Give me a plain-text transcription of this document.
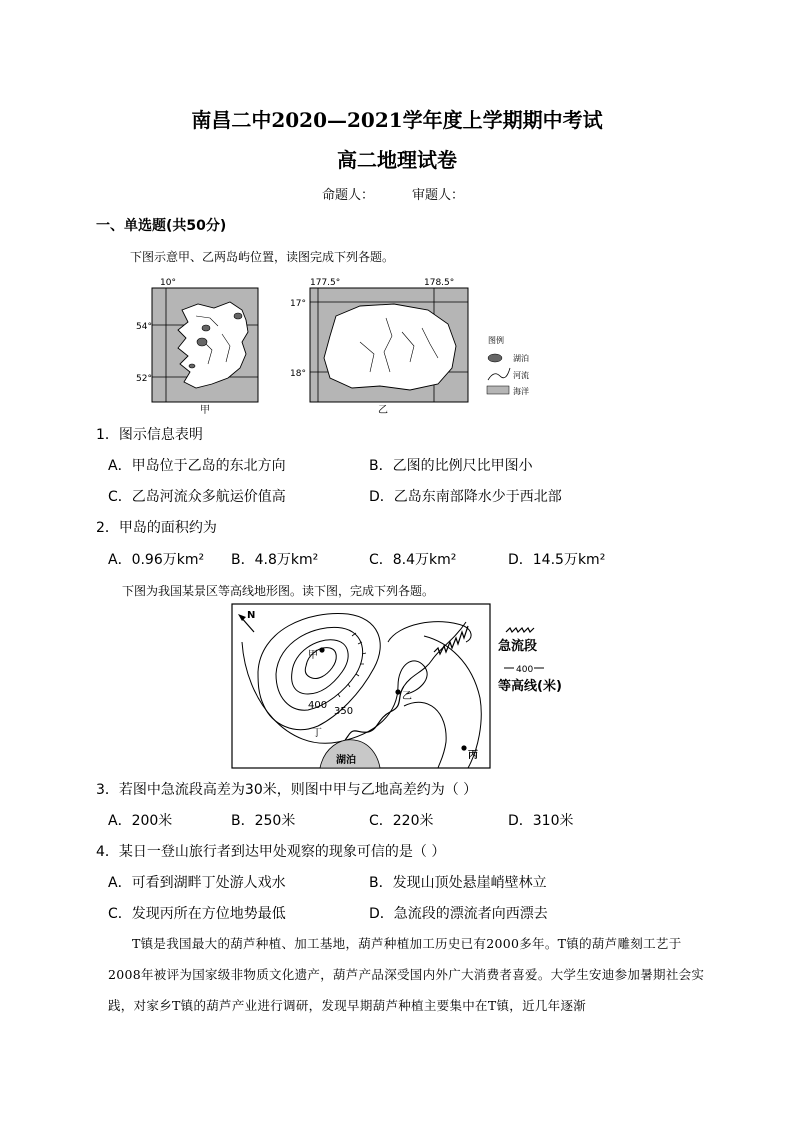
南昌二中2020—2021学年度上学期期中考试
高二地理试卷
命题人：	审题人：
一、单选题(共50分)
下图示意甲、乙两岛屿位置，读图完成下列各题。
10°
54°
52°
甲
177.5°	178.5°
17°
18°
乙
图例
湖泊
河流
海洋
1．图示信息表明
A．甲岛位于乙岛的东北方向	B．乙图的比例尺比甲图小
C．乙岛河流众多航运价值高	D．乙岛东南部降水少于西北部
2．甲岛的面积约为
A．0.96万km² B．4.8万km²	C．8.4万km²	D．14.5万km²
下图为我国某景区等高线地形图。读下图，完成下列各题。
N
湖泊
甲
乙
丙
丁
400
350
急流段
400
等高线(米)
3．若图中急流段高差为30米，则图中甲与乙地高差约为（ ）
A．200米	B．250米	C．220米	D．310米
4．某日一登山旅行者到达甲处观察的现象可信的是（ ）
A．可看到湖畔丁处游人戏水	B．发现山顶处悬崖峭壁林立
C．发现丙所在方位地势最低	D．急流段的漂流者向西漂去
T镇是我国最大的葫芦种植、加工基地，葫芦种植加工历史已有2000多年。T镇的葫芦雕刻工艺于2008年被评为国家级非物质文化遗产，葫芦产品深受国内外广大消费者喜爱。大学生安迪参加暑期社会实践，对家乡T镇的葫芦产业进行调研，发现早期葫芦种植主要集中在T镇，近几年逐渐
